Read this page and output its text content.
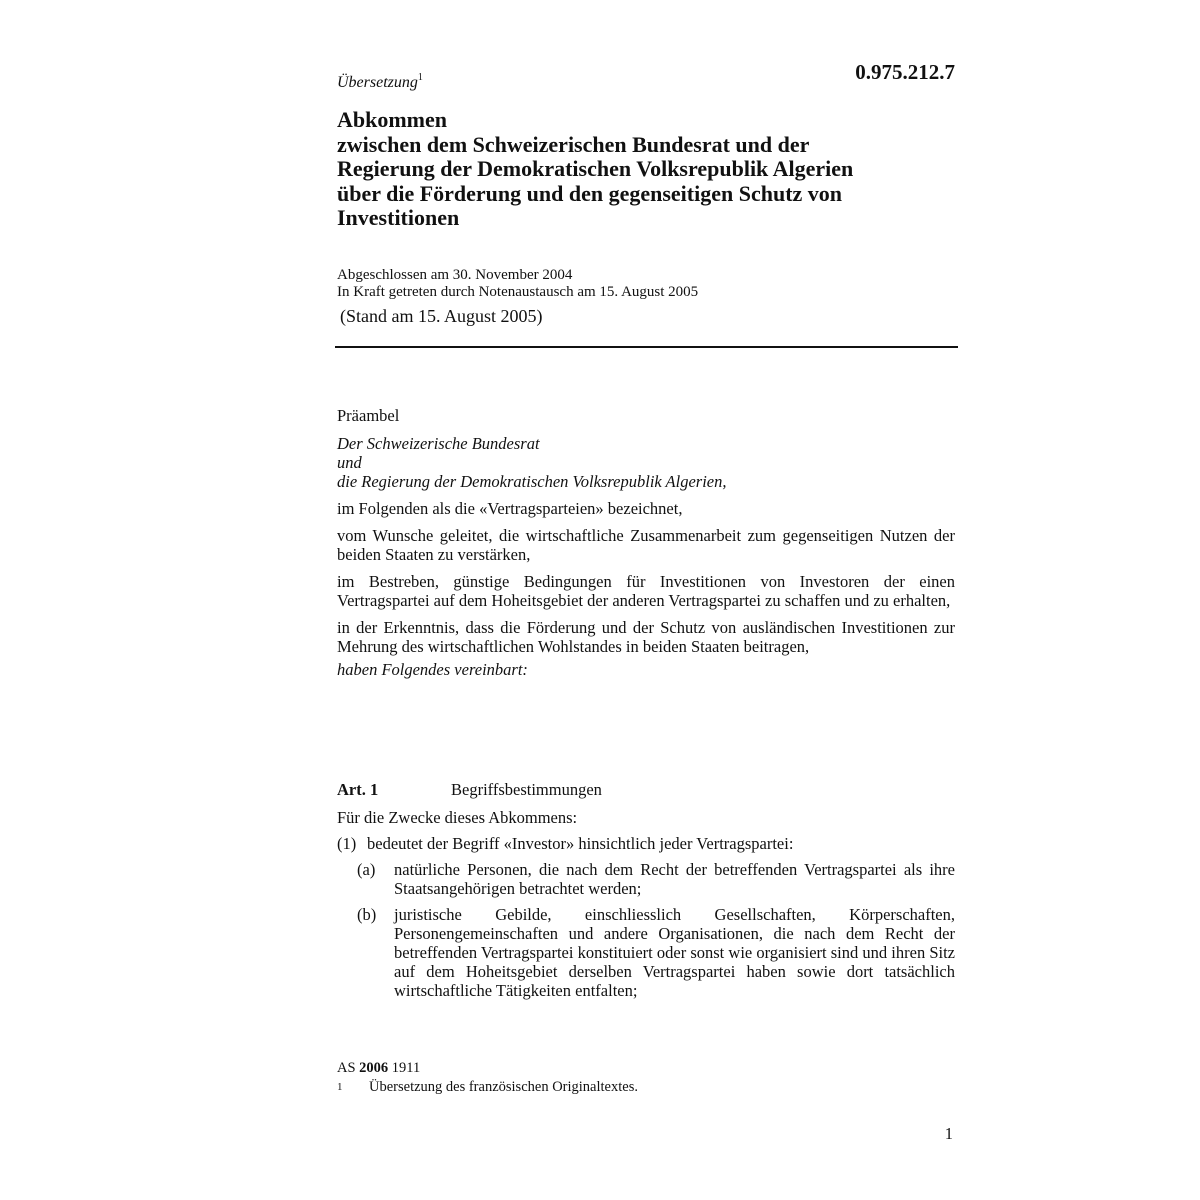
Übersetzung$^1$	0.975.212.7
Abkommen
zwischen dem Schweizerischen Bundesrat und der
Regierung der Demokratischen Volksrepublik Algerien
über die Förderung und den gegenseitigen Schutz von
Investitionen
Abgeschlossen am 30. November 2004
In Kraft getreten durch Notenaustausch am 15. August 2005
(Stand am 15. August 2005)

Präambel

Der Schweizerische Bundesrat
und

die Regierung der Demokratischen Volksrepublik Algerien,

im Folgenden als die «Vertragsparteien» bezeichnet,

vom Wunsche geleitet, die wirtschaftliche Zusammenarbeit zum gegenseitigen Nutzen der beiden Staaten zu verstärken,

im Bestreben, günstige Bedingungen für Investitionen von Investoren der einen Vertragspartei auf dem Hoheitsgebiet der anderen Vertragspartei zu schaffen und zu erhalten,

in der Erkenntnis, dass die Förderung und der Schutz von ausländischen Investitionen zur Mehrung des wirtschaftlichen Wohlstandes in beiden Staaten beitragen,

haben Folgendes vereinbart:

Art. 1	Begriffsbestimmungen

Für die Zwecke dieses Abkommens:

(1) bedeutet der Begriff «Investor» hinsichtlich jeder Vertragspartei:
(a)	natürliche Personen, die nach dem Recht der betreffenden Vertragspartei als ihre Staatsangehörigen betrachtet werden;
(b)	juristische Gebilde, einschliesslich Gesellschaften, Körperschaften, Personengemeinschaften und andere Organisationen, die nach dem Recht der betreffenden Vertragspartei konstituiert oder sonst wie organisiert sind und ihren Sitz auf dem Hoheitsgebiet derselben Vertragspartei haben sowie dort tatsächlich wirtschaftliche Tätigkeiten entfalten;
AS 2006 1911
1 Übersetzung des französischen Originaltextes.
1
